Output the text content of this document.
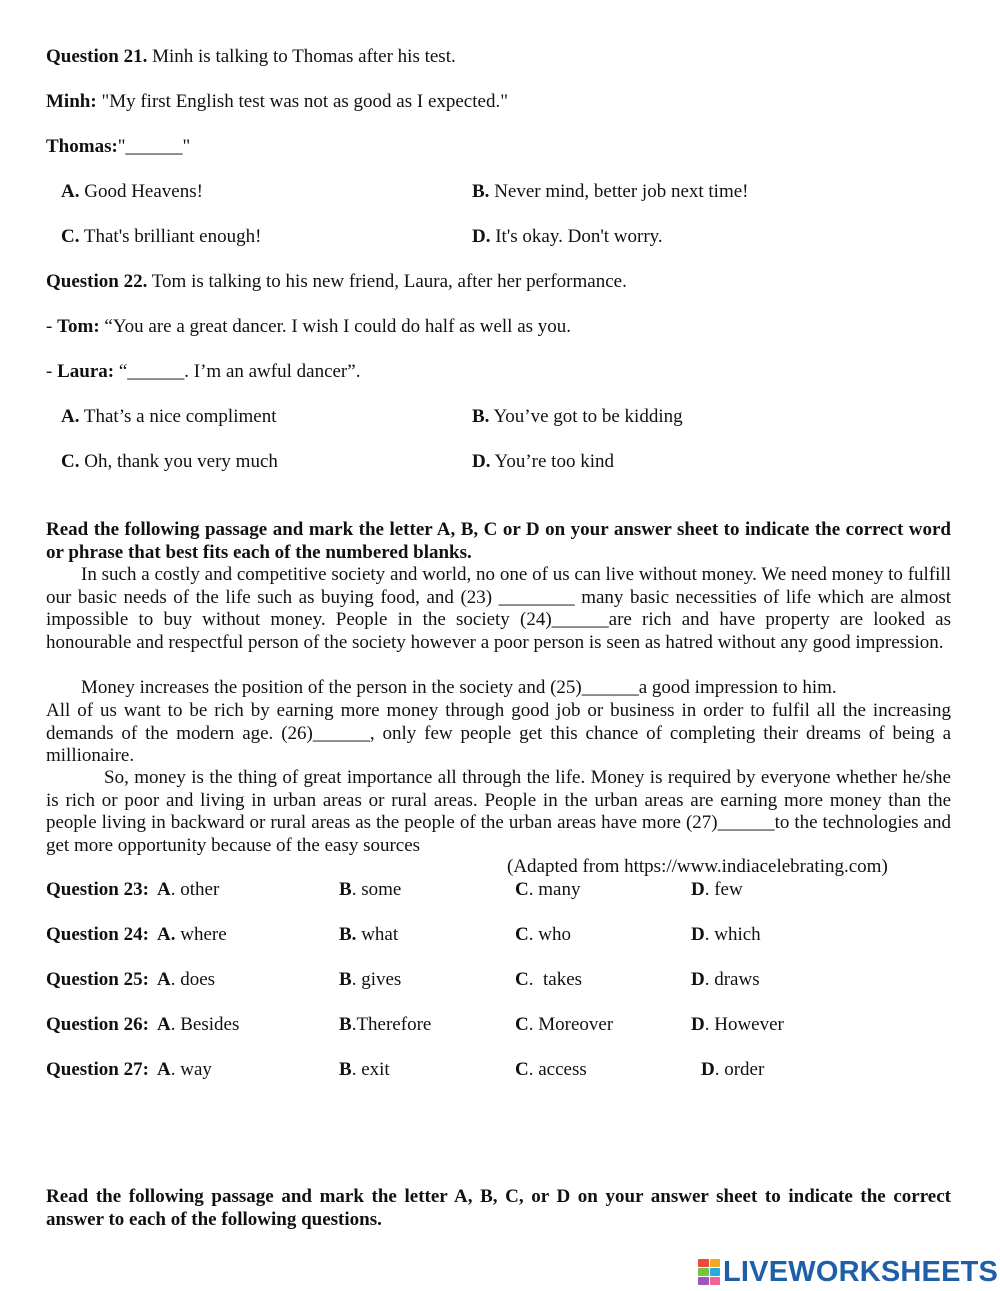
Question 21. Minh is talking to Thomas after his test.
Minh: "My first English test was not as good as I expected."
Thomas:"______"
A. Good Heavens!	B. Never mind, better job next time!
C. That's brilliant enough!	D. It's okay. Don't worry.
Question 22. Tom is talking to his new friend, Laura, after her performance.
- Tom: “You are a great dancer. I wish I could do half as well as you.
- Laura: “______. I’m an awful dancer”.
A. That’s a nice compliment	B. You’ve got to be kidding
C. Oh, thank you very much	D. You’re too kind
Read the following passage and mark the letter A, B, C or D on your answer sheet to indicate the correct word or phrase that best fits each of the numbered blanks.
In such a costly and competitive society and world, no one of us can live without money. We need money to fulfill our basic needs of the life such as buying food, and (23) ________ many basic necessities of life which are almost impossible to buy without money. People in the society (24)______are rich and have property are looked as honourable and respectful person of the society however a poor person is seen as hatred without any good impression.
Money increases the position of the person in the society and (25)______a good impression to him.
All of us want to be rich by earning more money through good job or business in order to fulfil all the increasing demands of the modern age. (26)______, only few people get this chance of completing their dreams of being a millionaire.
So, money is the thing of great importance all through the life. Money is required by everyone whether he/she is rich or poor and living in urban areas or rural areas. People in the urban areas are earning more money than the people living in backward or rural areas as the people of the urban areas have more (27)______to the technologies and get more opportunity because of the easy sources
(Adapted from https://www.indiacelebrating.com)
Question 23: A. other	B. some	C. many	D. few
Question 24: A. where	B. what	C. who	D. which
Question 25: A. does	B. gives	C.  takes	D. draws
Question 26: A. Besides	B.Therefore	C. Moreover	D. However
Question 27: A. way	B. exit	C. access	D. order
Read the following passage and mark the letter A, B, C, or D on your answer sheet to indicate the correct answer to each of the following questions.
LIVEWORKSHEETS
